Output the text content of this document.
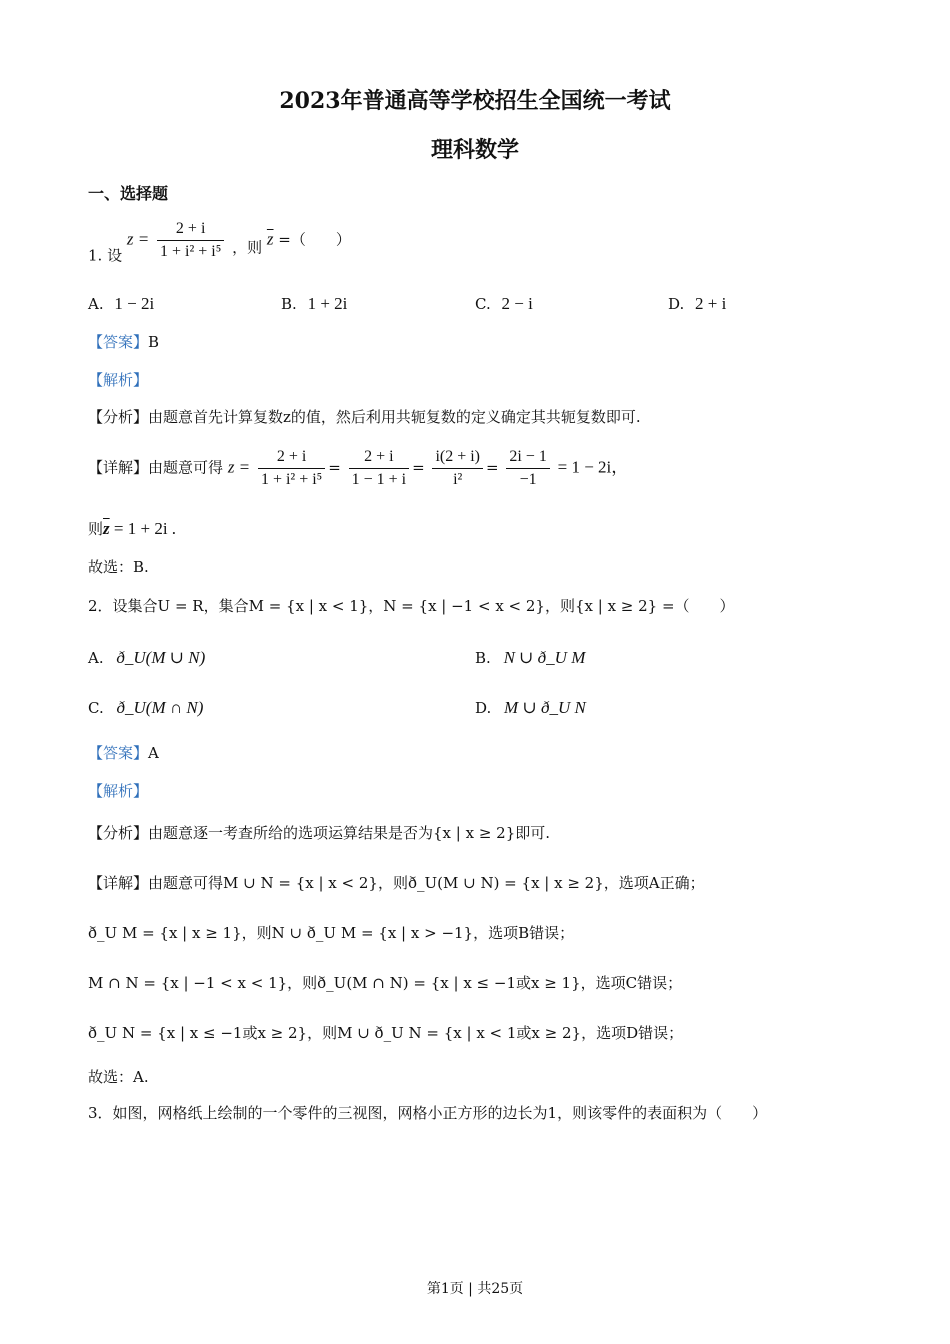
2023年普通高等学校招生全国统一考试
理科数学
一、选择题
1. 设 $z = \frac{2 + i}{\text{1 + i² + i⁵}}$ ，则 $\overline{z}$ =（　　）
A. 1 − 2i	B. 1 + 2i	C. 2 − i	D. 2 + i
【答案】B
【解析】
【分析】由题意首先计算复数z的值，然后利用共轭复数的定义确定其共轭复数即可.
【详解】由题意可得 $z = \frac{2 + i}{\text{1 + i² + i⁵}} = \frac{2 + i}{1 - 1 + i} = \frac{i(2 + i)}{\text{i²}} = \frac{2i - 1}{-1} = 1 - 2i$，
则$\overline{z} = 1 + 2i$ .
故选：B.
2．设集合U = R，集合M = {x | x < 1}，N = {x | −1 < x < 2}，则{x | x ≥ 2} =（　　）
A. ð_U(M ∪ N)	B. N ∪ ð_U M
C. ð_U(M ∩ N)	D. M ∪ ð_U N
【答案】A
【解析】
【分析】由题意逐一考查所给的选项运算结果是否为{x | x ≥ 2}即可.
【详解】由题意可得M ∪ N = {x | x < 2}，则ð_U(M ∪ N) = {x | x ≥ 2}，选项A正确；
ð_U M = {x | x ≥ 1}，则N ∪ ð_U M = {x | x > −1}，选项B错误；
M ∩ N = {x | −1 < x < 1}，则ð_U(M ∩ N) = {x | x ≤ −1或x ≥ 1}，选项C错误；
ð_U N = {x | x ≤ −1或x ≥ 2}，则M ∪ ð_U N = {x | x < 1或x ≥ 2}，选项D错误；
故选：A.
3．如图，网格纸上绘制的一个零件的三视图，网格小正方形的边长为1，则该零件的表面积为（　　）
第1页 | 共25页
